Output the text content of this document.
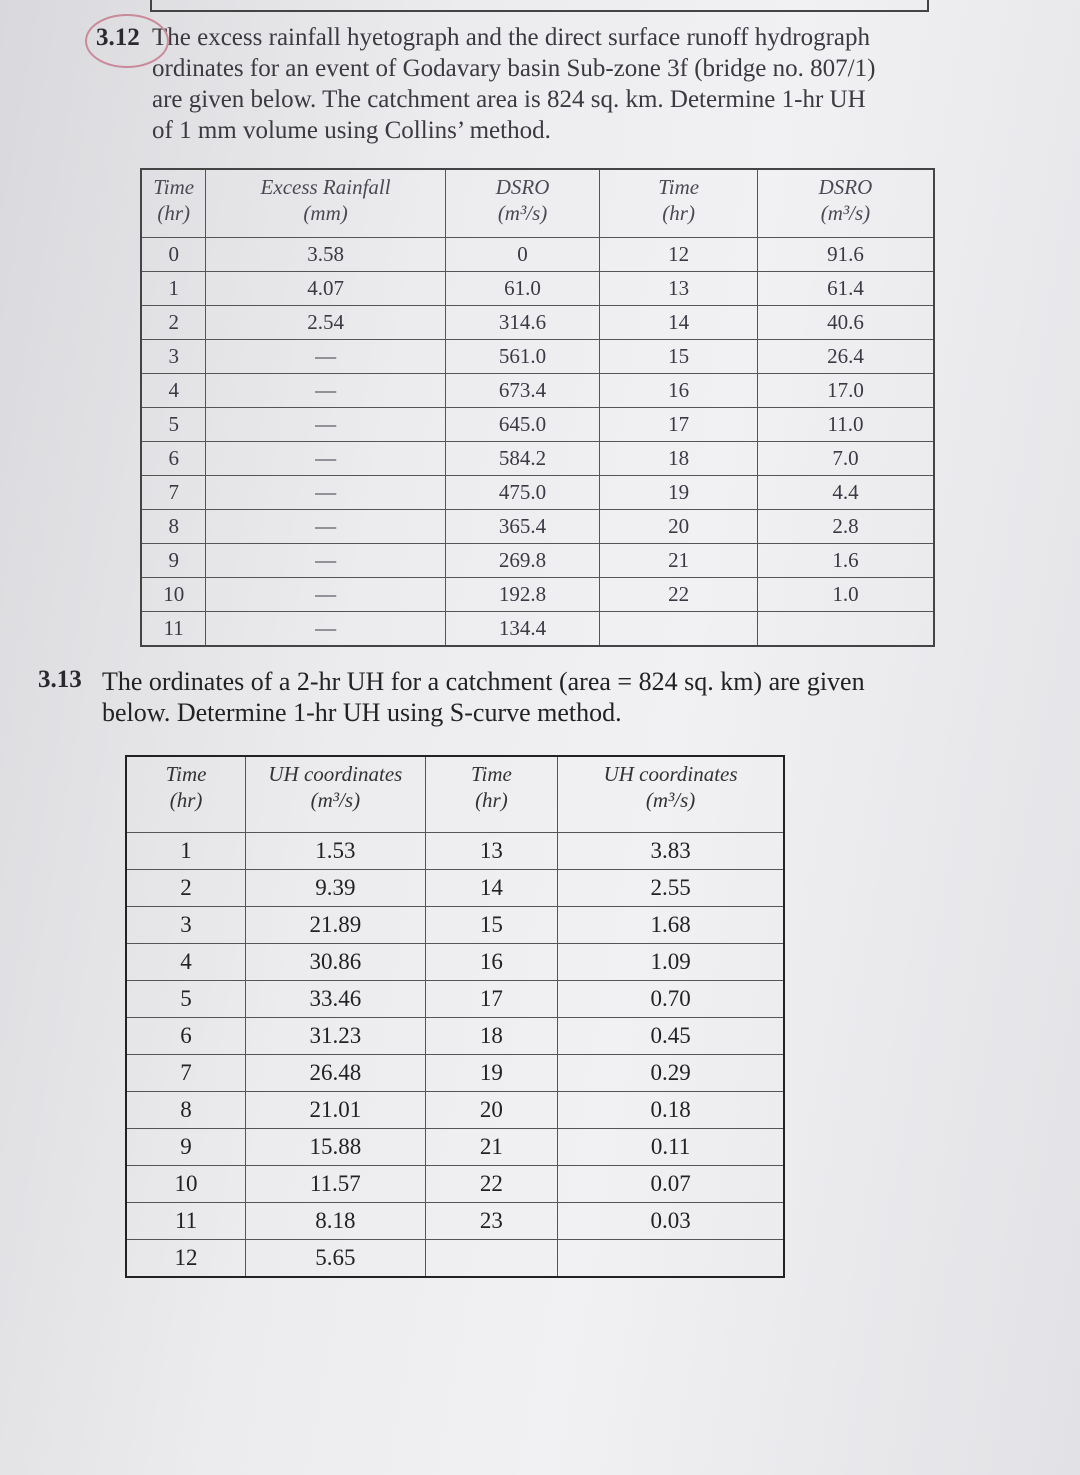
3.12 The excess rainfall hyetograph and the direct surface runoff hydrograph
ordinates for an event of Godavary basin Sub-zone 3f (bridge no. 807/1)
are given below. The catchment area is 824 sq. km. Determine 1-hr UH
of 1 mm volume using Collins’ method.
Time
(hr)	Excess Rainfall
(mm)	DSRO
(m³/s)	Time
(hr)	DSRO
(m³/s)
0	3.58	0	12	91.6
1	4.07	61.0	13	61.4
2	2.54	314.6	14	40.6
3	—	561.0	15	26.4
4	—	673.4	16	17.0
5	—	645.0	17	11.0
6	—	584.2	18	7.0
7	—	475.0	19	4.4
8	—	365.4	20	2.8
9	—	269.8	21	1.6
10	—	192.8	22	1.0
11	—	134.4		
3.13 The ordinates of a 2-hr UH for a catchment (area = 824 sq. km) are given
below. Determine 1-hr UH using S-curve method.
Time
(hr)	UH coordinates
(m³/s)	Time
(hr)	UH coordinates
(m³/s)
1	1.53	13	3.83
2	9.39	14	2.55
3	21.89	15	1.68
4	30.86	16	1.09
5	33.46	17	0.70
6	31.23	18	0.45
7	26.48	19	0.29
8	21.01	20	0.18
9	15.88	21	0.11
10	11.57	22	0.07
11	8.18	23	0.03
12	5.65		
